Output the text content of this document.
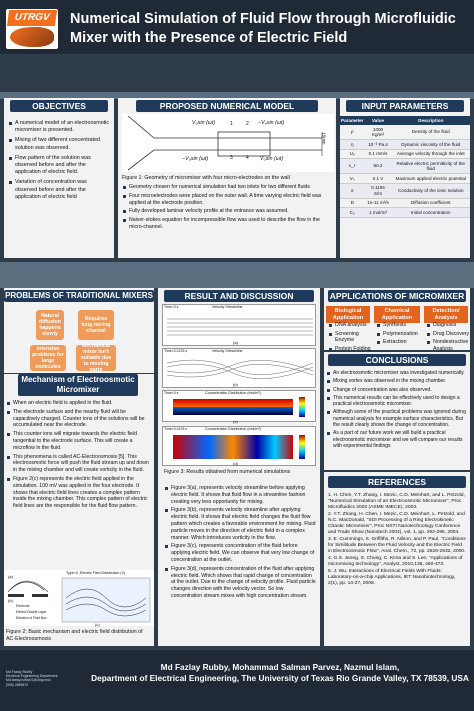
UTRGV	Numerical Simulation of Fluid Flow through Microfluidic Mixer with the Presence of Electric Field
OBJECTIVES
A numerical model of an electroosmotic micromixer is presented.
Mixing of two different concentrated solution was observed.
Flow pattern of the solution was observed before and after the application of electric field.
Variation of concentration was observed before and after the application of electric field
PROPOSED NUMERICAL MODEL
V₀sin (ωt)	−V₀sin (ωt)
−V₀sin (ωt)	V₀sin (ωt)
1	2
3	4
15mm
Figure 1: Geometry of micromixer with four micro-electrodes on the wall
Geometry chosen for numerical simulation had two inlets for two different fluids
Four microelectrodes were placed on the outer wall. A time varying electric field was applied at the electrode position.
Fully developed laminar velocity profile at the entrance was assumed.
Naiver-stokes equation for incompressible flow was used to describe the flow in the micro-channel.
INPUT PARAMETERS
Parameter	Value	Description
ρ	1000 Kg/m³	Density of the fluid
η	10⁻³ Pa.s	Dynamic viscosity of the fluid
U₀	0.1 mm/s	Average velocity through the inlet
ε_r	80.2	Relative electric permittivity of the fluid
V₀	0.1 V	Maximum applied electric potential
σ	0.1194 S/m	Conductivity of the ionic solution
D	1e-11 m²/s	Diffusion coefficient
C₀	1 mol/m³	Initial concentration
PROBLEMS OF TRADITIONAL MIXERS
Natural diffusion happens slowly
Requires long mixing channel
Intensive problems for large molecules
Mechanical mixer isn't suitable due to moving parts
Mechanism of Electroosmotic Micromixer
When an electric field is applied in the fluid.
The electrode surface and the nearby fluid will be capacitively charged. Counter ions of the solutions will be accumulated near the electrode.
This counter ions will migrate towards the electric field tangential to the electrode surface. This will create a microflow in the fluid.
This phenomena is called AC-Electroosmosis [5]. This electroosmotic force will push the fluid stream up and down in the mixing chamber and will create vorticity in the fluid.
Figure 2(c) represents the electric field applied in the simulation. 100 mV was applied in the four electrode. It shows that electric field lines creates a complex pattern inside the mixing chamber. This complex pattern of electric field lines are the responsible for the fluid flow pattern.
(a)
(b)
(c)
Type=0 ,Electric Field Distribution (V)
Electrode
Electric Double Layer
Direction of Fluid flow
Figure 2: Basic mechanism and electric field distribution of AC-Electroosmosis
RESULT AND DISCUSSION
Time=0 s	Velocity Streamline
(a)
Time=0.0125 s	Velocity Streamline
(b)
Time=0 s	Concentration Distribution (mol/m³)
(c)
Time=0.0125 s	Concentration Distribution (mol/m³)
(d)
Figure 3: Results obtained from numerical simulations
Figure 3(a), represents velocity streamline before applying electric field. It shows that fluid flow in a streamline fashion creating very less opportunity for mixing.
Figure 3(b), represents velocity streamline after applying electric field. It shows that electric field changes the fluid flow pattern which creates a favorable environment for mixing. Fluid particle moves in the direction of electric field in a complex manner. Which introduces vorticity in the flow.
Figure 3(c), represents concentration of the fluid before applying electric field. We can observe that very low change of concentration at the outlet.
Figure 3(d), represents concentration of the fluid after applying electric field. Which shows that rapid change of concentration at the outlet. Due to the change of velocity profile. Fluid particle changes direction with the velocity vector. So low concentration stream mixes with high concentration stream.
APPLICATIONS OF MICROMIXER
Biological Application
Chemical Application
Detection/ Analysis
DNA analysis
Screening Enzyme
Protein Folding
Synthesis
Polymerization
Extraction
Diagnosis
Drug Discovery
Nondestructive Analysis
CONCLUSIONS
An electroosmotic micromixer was investigated numerically.
Mixing vortex was observed in the mixing chamber.
Change of concentration was also observed.
This numerical results can be effectively used to design a practical electroosmotic micromixer.
Although some of the practical problems was ignored during numerical analysis for example surface characteristics. But the result clearly shows the change of concentration.
As a part of our future work we will build a practical electroosmotic micromixer and we will compare our results with experimental findings
REFERENCES

1. H. Chen, Y.T. Zhang, I. Mezic, C.D. Meinhart, and L. Petzold, "Numerical Simulation of an Electroosmotic Micromixer", Proc Microfluidics 2003 (ASME IMECE), 2003.

2. Y.T. Zhang, H. Chen, I. Mezic, C.D. Meinhart, L. Petzold, and N.C. MacDonald, "SOI Processing of a Ring Electrokinetic Chaotic Micromixer", Proc NSTI Nanotechnology Conference and Trade Show (Nanotech 2004), vol. 1, pp. 292-295, 2004.

3. E. Cummings, S. Griffiths, R. Nilson, and P. Paul, "Conditions for Similitude Between the Fluid Velocity and the Electric Field in Electroosmotic Flow", Anal. Chem., 72, pp. 2526-2532, 2000.

4. G.S. Jeong, S. Chung, C. Kima and S. Lee, "Applications of micromixing technology", Analyst, 2010,135, 460-473.

5. J. Wu, Interactions of Electrical Fields With Fluids: Laboratory-on-a-chip Applications, IET Nanobiotechnology, 2(1), pp. 14-27, 2008.

Md Fazlay Rubby, Mohammad Salman Parvez, Nazmul Islam,
Department of Electrical Engineering, The University of Texas Rio Grande Valley, TX 78539, USA
Md Fazlay Rubby
Electrical Engineering Department
Md.fazlay.rubby01@utrgv.edu
(956) 2855670
